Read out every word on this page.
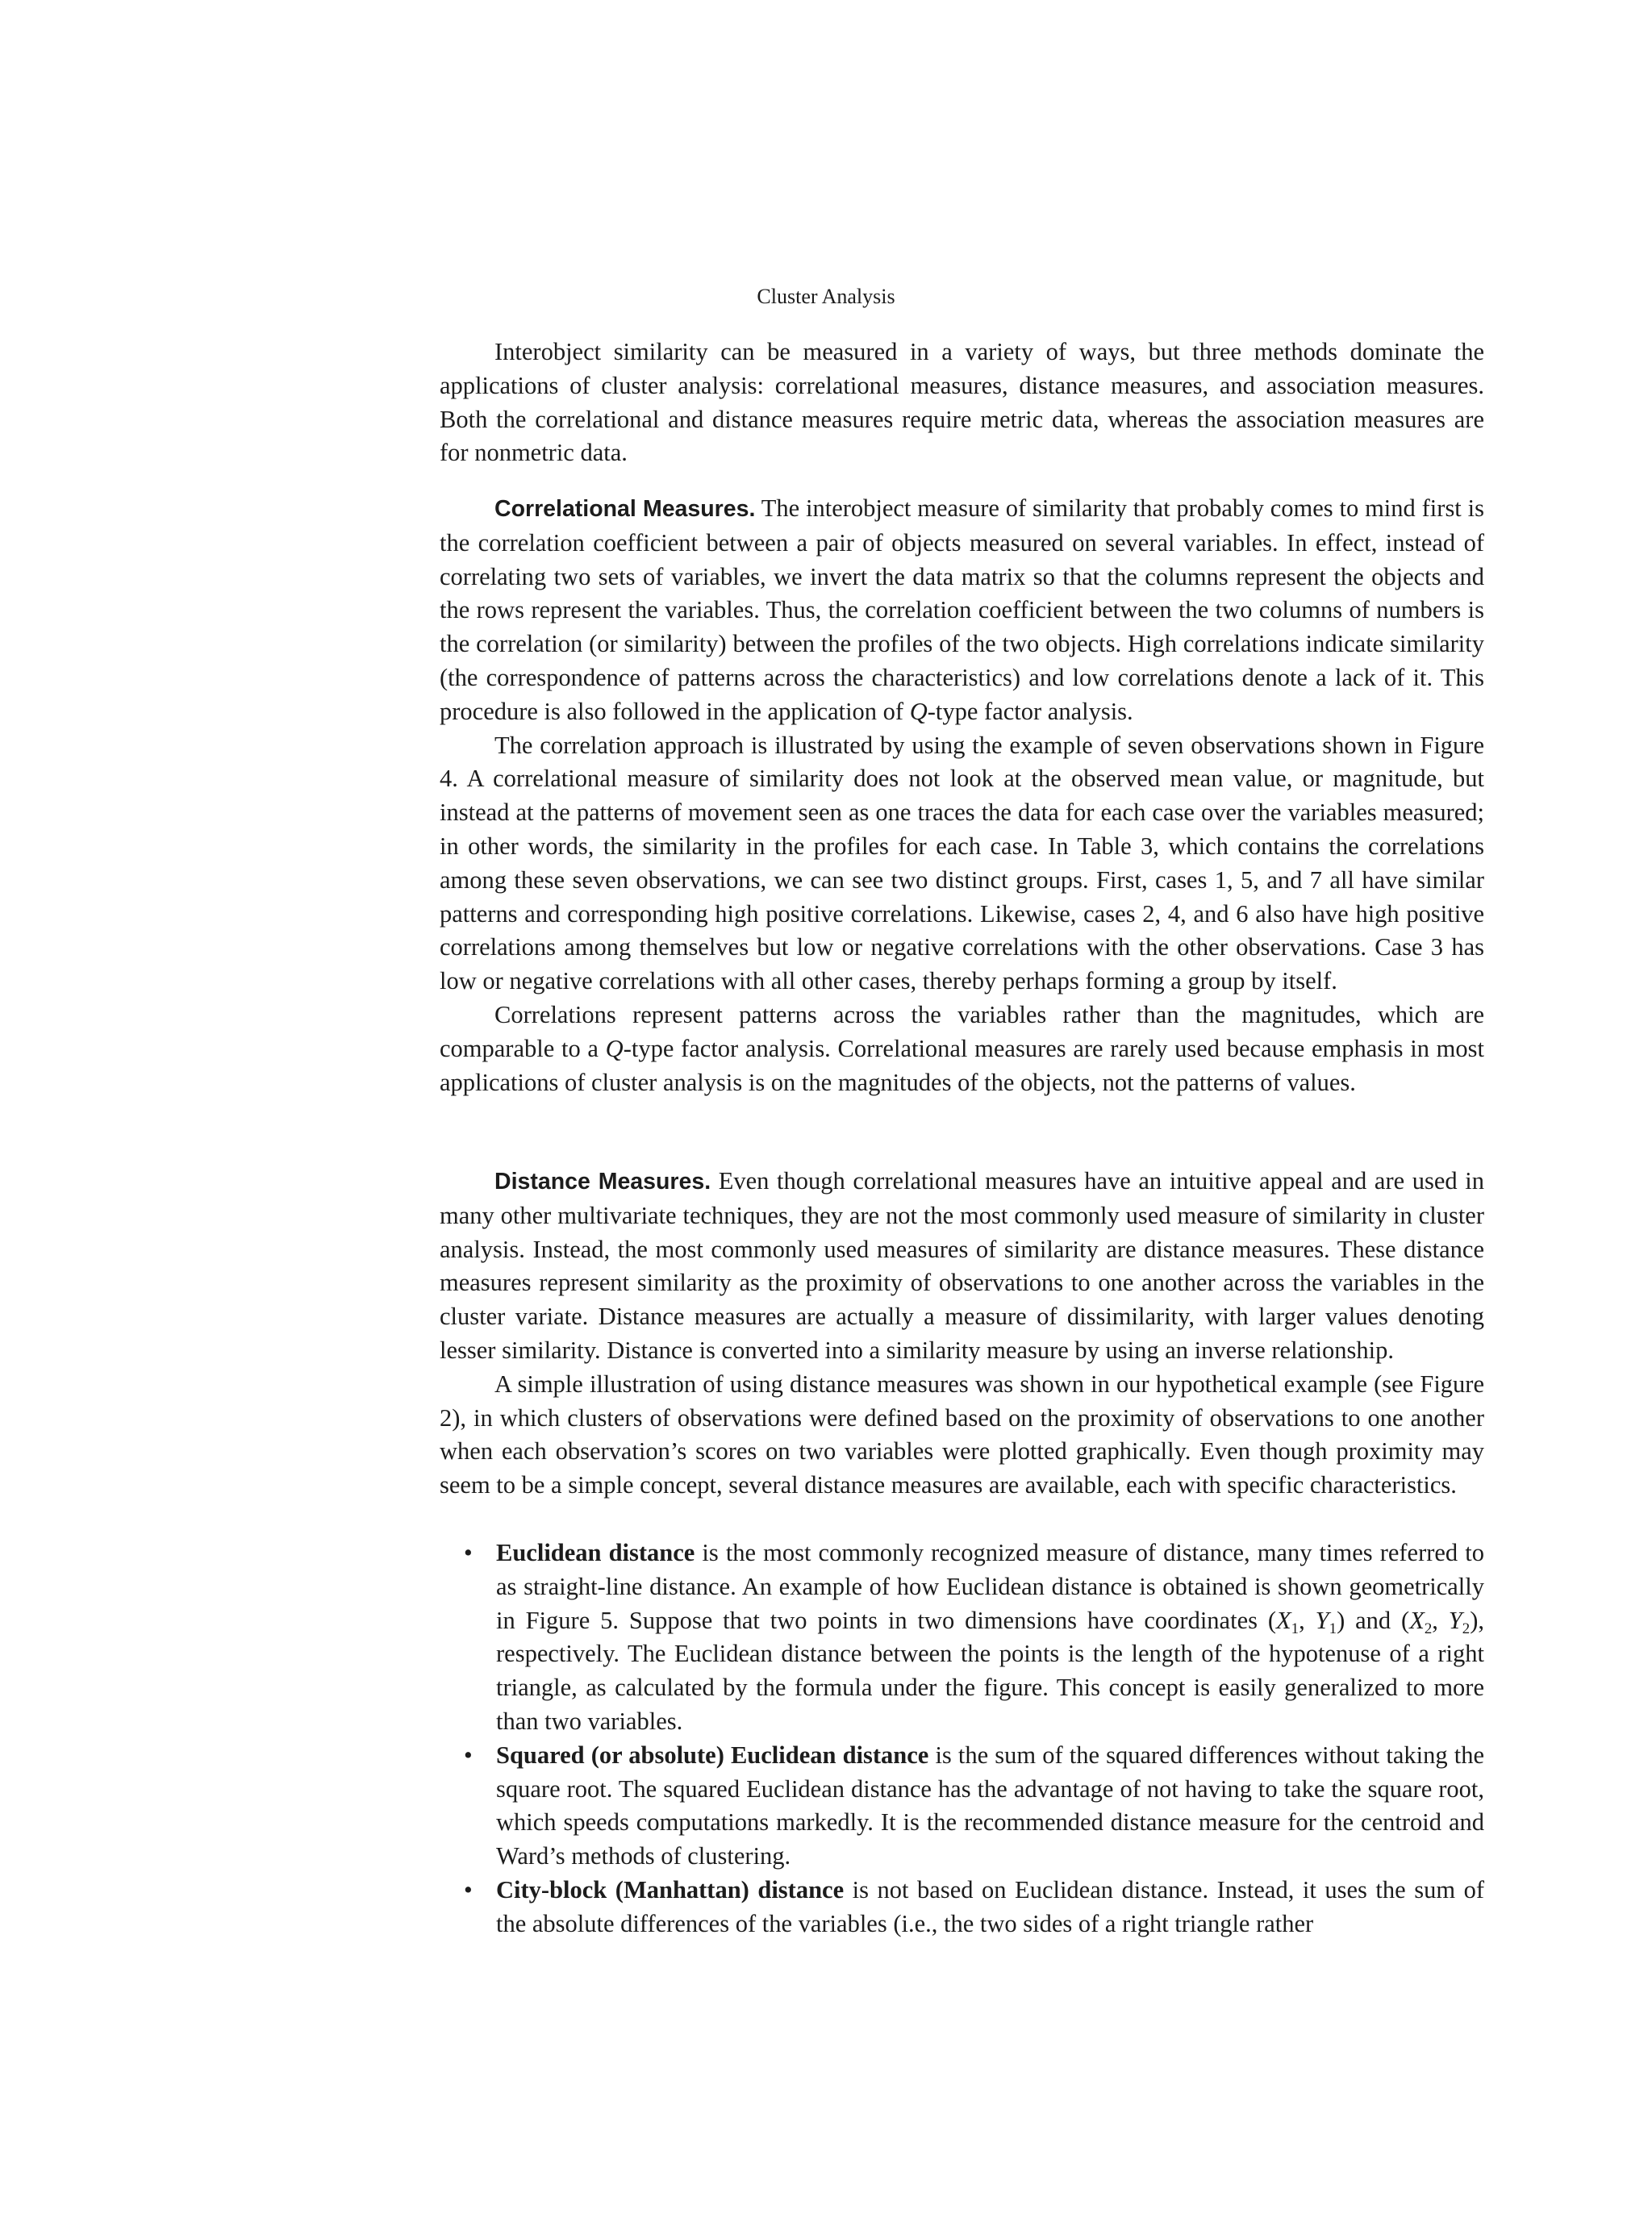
Cluster Analysis

Interobject similarity can be measured in a variety of ways, but three methods dominate the applications of cluster analysis: correlational measures, distance measures, and association measures. Both the correlational and distance measures require metric data, whereas the association measures are for nonmetric data.

Correlational Measures. The interobject measure of similarity that probably comes to mind first is the correlation coefficient between a pair of objects measured on several variables. In effect, instead of correlating two sets of variables, we invert the data matrix so that the columns represent the objects and the rows represent the variables. Thus, the correlation coefficient between the two columns of numbers is the correlation (or similarity) between the profiles of the two objects. High correlations indicate similarity (the correspondence of patterns across the characteristics) and low correlations denote a lack of it. This procedure is also followed in the application of Q-type factor analysis.

The correlation approach is illustrated by using the example of seven observations shown in Figure 4. A correlational measure of similarity does not look at the observed mean value, or magnitude, but instead at the patterns of movement seen as one traces the data for each case over the variables measured; in other words, the similarity in the profiles for each case. In Table 3, which contains the correlations among these seven observations, we can see two distinct groups. First, cases 1, 5, and 7 all have similar patterns and corresponding high positive correlations. Likewise, cases 2, 4, and 6 also have high positive correlations among themselves but low or negative correlations with the other observations. Case 3 has low or negative correlations with all other cases, thereby perhaps forming a group by itself.

Correlations represent patterns across the variables rather than the magnitudes, which are comparable to a Q-type factor analysis. Correlational measures are rarely used because emphasis in most applications of cluster analysis is on the magnitudes of the objects, not the patterns of values.

Distance Measures. Even though correlational measures have an intuitive appeal and are used in many other multivariate techniques, they are not the most commonly used measure of similarity in cluster analysis. Instead, the most commonly used measures of similarity are distance measures. These distance measures represent similarity as the proximity of observations to one another across the variables in the cluster variate. Distance measures are actually a measure of dissimilarity, with larger values denoting lesser similarity. Distance is converted into a similarity measure by using an inverse relationship.

A simple illustration of using distance measures was shown in our hypothetical example (see Figure 2), in which clusters of observations were defined based on the proximity of observations to one another when each observation’s scores on two variables were plotted graphically. Even though proximity may seem to be a simple concept, several distance measures are available, each with specific characteristics.

• Euclidean distance is the most commonly recognized measure of distance, many times referred to as straight-line distance. An example of how Euclidean distance is obtained is shown geometrically in Figure 5. Suppose that two points in two dimensions have coordinates ($X_1$, $Y_1$) and ($X_2$, $Y_2$), respectively. The Euclidean distance between the points is the length of the hypotenuse of a right triangle, as calculated by the formula under the figure. This concept is easily generalized to more than two variables.
• Squared (or absolute) Euclidean distance is the sum of the squared differences without taking the square root. The squared Euclidean distance has the advantage of not having to take the square root, which speeds computations markedly. It is the recommended distance measure for the centroid and Ward’s methods of clustering.
• City-block (Manhattan) distance is not based on Euclidean distance. Instead, it uses the sum of the absolute differences of the variables (i.e., the two sides of a right triangle rather
